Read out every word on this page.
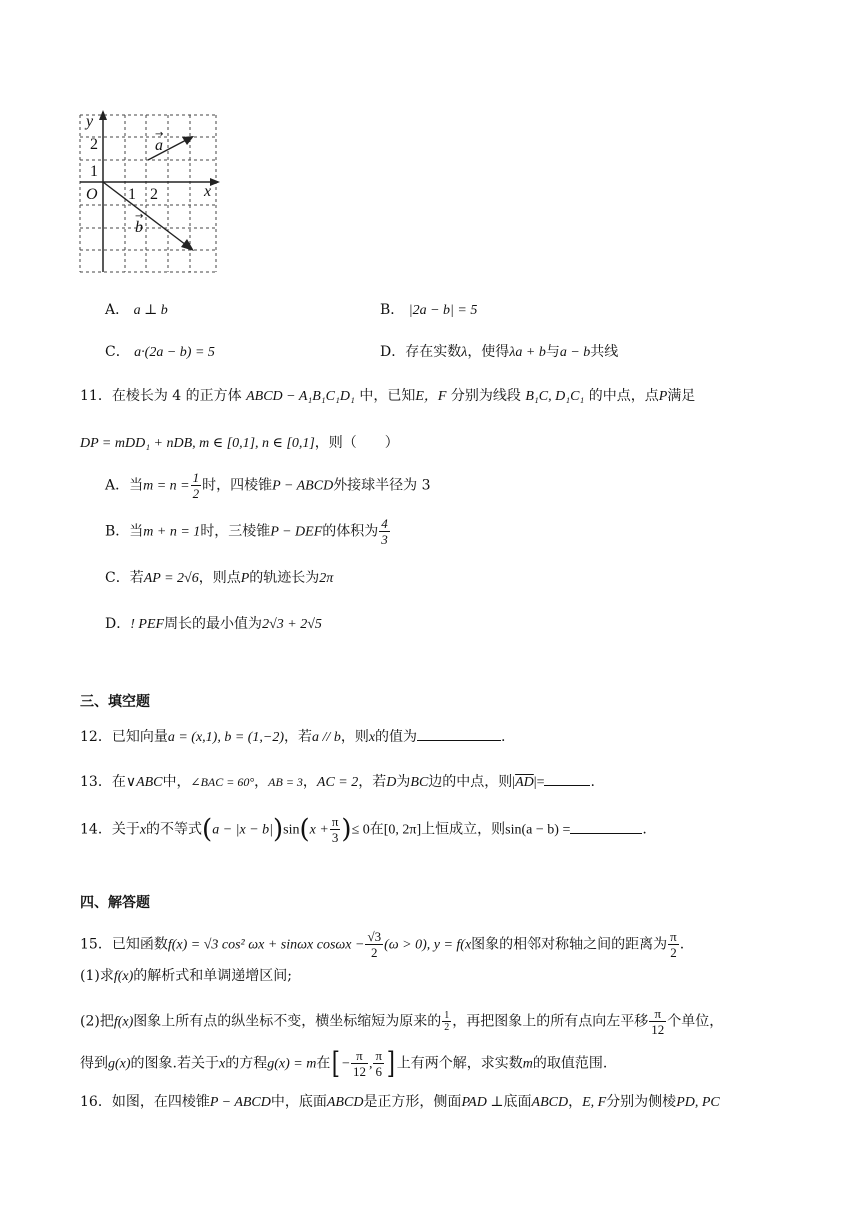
y
x
O 1 2
1
2	a
b
→
→
A． a ⊥ b	B． |2a − b| = 5
C． a·(2a − b) = 5	D．存在实数λ，使得λa + b与a − b共线
11．在棱长为 4 的正方体 ABCD − A₁B₁C₁D₁ 中，已知E，F 分别为线段 B₁C, D₁C₁ 的中点，点P满足
DP = mDD₁ + nDB, m ∈ [0,1], n ∈ [0,1]，则（　　）
A．当$m = n = \frac{1}{2}$ 时，四棱锥P − ABCD外接球半径为 3
B．当m + n = 1时，三棱锥P − DEF的体积为 $\frac{4}{3}$
C．若AP = 2√6，则点P的轨迹长为2π
D．! PEF周长的最小值为2√3 + 2√5
三、填空题
12．已知向量a = (x,1), b = (1,−2)，若a // b，则x的值为	.
13．在∨ABC中，∠BAC = 60°，AB = 3，AC = 2，若D为BC边的中点，则$|\overline{AD}|=$	.
14．关于x的不等式$(a - |x - b|)\sin(x + \frac{\pi}{3}$ )≤ 0在[0, 2π]上恒成立，则sin(a − b) =	.
四、解答题
15．已知函数f(x) = √3 cos² ωx + sinωx $\cos\omega x - \frac{√3}{2} (\omega > 0)$, y = f(x图象的相邻对称轴之间的距离为 $\frac{\pi}{2}$ .
(1)求f(x)的解析式和单调递增区间;
(2)把f(x)图象上所有点的纵坐标不变，横坐标缩短为原来的 $\frac{1}{2}$ ，再把图象上的所有点向左平移 $\frac{\pi}{12}$ 个单位，
得到g(x)的图象.若关于x的方程g(x) = m在[ − $\frac{\pi}{12}$ , $\frac{\pi}{6}$ ] 上有两个解，求实数m的取值范围.
16．如图，在四棱锥P − ABCD中，底面ABCD是正方形，侧面PAD ⊥底面ABCD，E, F分别为侧棱PD, PC
